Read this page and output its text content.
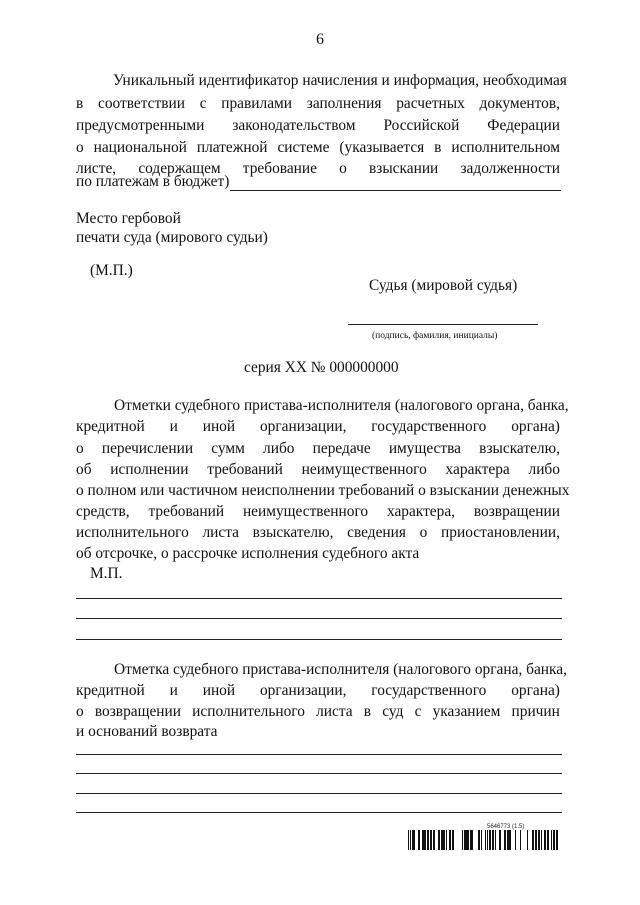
6
Уникальный идентификатор начисления и информация, необходимая
в соответствии с правилами заполнения расчетных документов,
предусмотренными законодательством Российской Федерации
о национальной платежной системе (указывается в исполнительном
листе, содержащем требование о взыскании задолженности
по платежам в бюджет)
Место гербовой
печати суда (мирового судьи)
(М.П.)
Судья (мировой судья)
(подпись, фамилия, инициалы)
серия XX № 000000000
Отметки судебного пристава-исполнителя (налогового органа, банка,
кредитной и иной организации, государственного органа)
о перечислении сумм либо передаче имущества взыскателю,
об исполнении требований неимущественного характера либо
о полном или частичном неисполнении требований о взыскании денежных
средств, требований неимущественного характера, возвращении
исполнительного листа взыскателю, сведения о приостановлении,
об отсрочке, о рассрочке исполнения судебного акта
М.П.
Отметка судебного пристава-исполнителя (налогового органа, банка,
кредитной и иной организации, государственного органа)
о возвращении исполнительного листа в суд с указанием причин
и оснований возврата
5646773 (1.5)
